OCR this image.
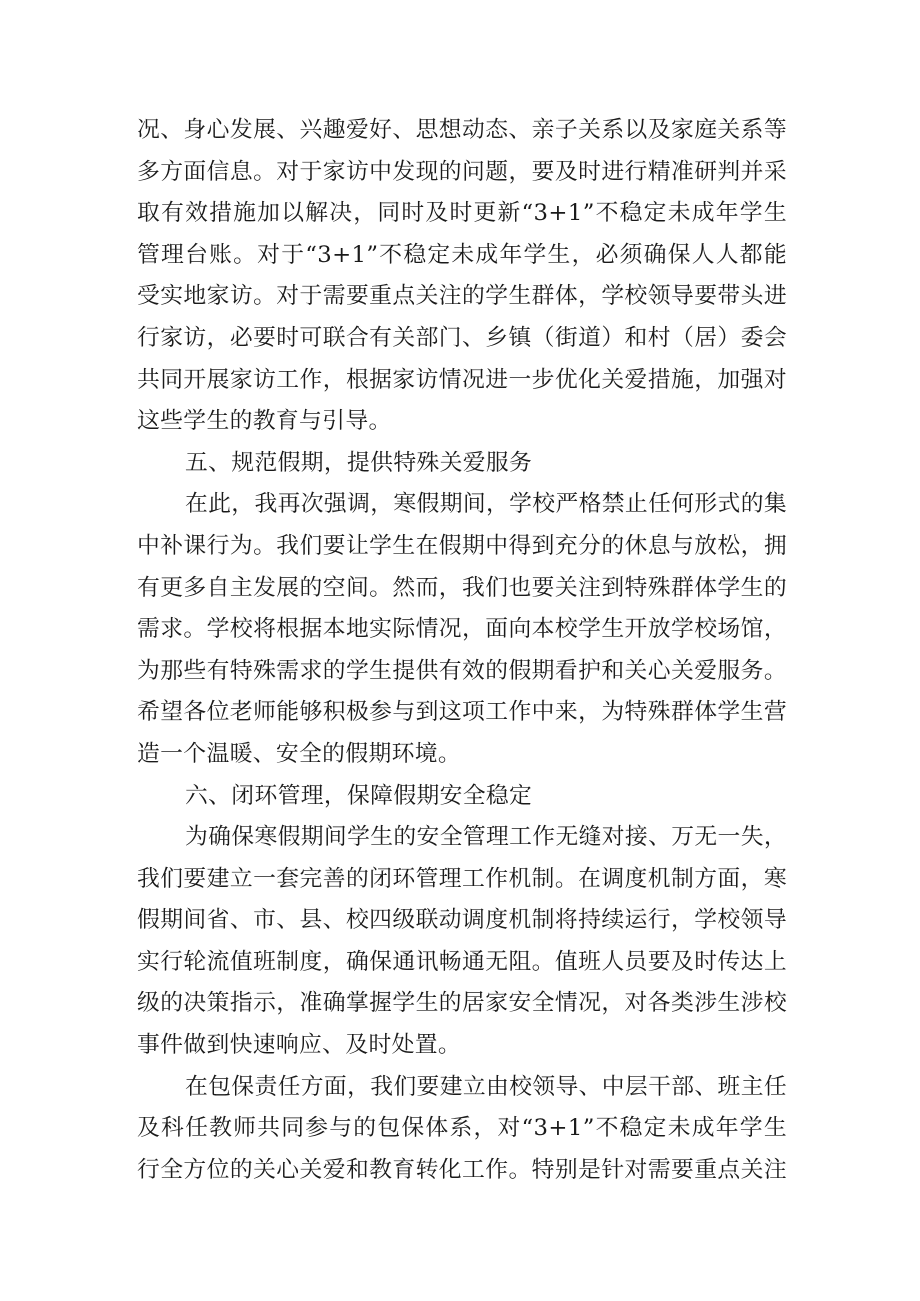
况、身心发展、兴趣爱好、思想动态、亲子关系以及家庭关系等
多方面信息。对于家访中发现的问题，要及时进行精准研判并采
取有效措施加以解决，同时及时更新“3+1”不稳定未成年学生
管理台账。对于“3+1”不稳定未成年学生，必须确保人人都能
受实地家访。对于需要重点关注的学生群体，学校领导要带头进
行家访，必要时可联合有关部门、乡镇（街道）和村（居）委会
共同开展家访工作，根据家访情况进一步优化关爱措施，加强对
这些学生的教育与引导。
五、规范假期，提供特殊关爱服务
在此，我再次强调，寒假期间，学校严格禁止任何形式的集
中补课行为。我们要让学生在假期中得到充分的休息与放松，拥
有更多自主发展的空间。然而，我们也要关注到特殊群体学生的
需求。学校将根据本地实际情况，面向本校学生开放学校场馆，
为那些有特殊需求的学生提供有效的假期看护和关心关爱服务。
希望各位老师能够积极参与到这项工作中来，为特殊群体学生营
造一个温暖、安全的假期环境。
六、闭环管理，保障假期安全稳定
为确保寒假期间学生的安全管理工作无缝对接、万无一失，
我们要建立一套完善的闭环管理工作机制。在调度机制方面，寒
假期间省、市、县、校四级联动调度机制将持续运行，学校领导
实行轮流值班制度，确保通讯畅通无阻。值班人员要及时传达上
级的决策指示，准确掌握学生的居家安全情况，对各类涉生涉校
事件做到快速响应、及时处置。
在包保责任方面，我们要建立由校领导、中层干部、班主任
及科任教师共同参与的包保体系，对“3+1”不稳定未成年学生
行全方位的关心关爱和教育转化工作。特别是针对需要重点关注
